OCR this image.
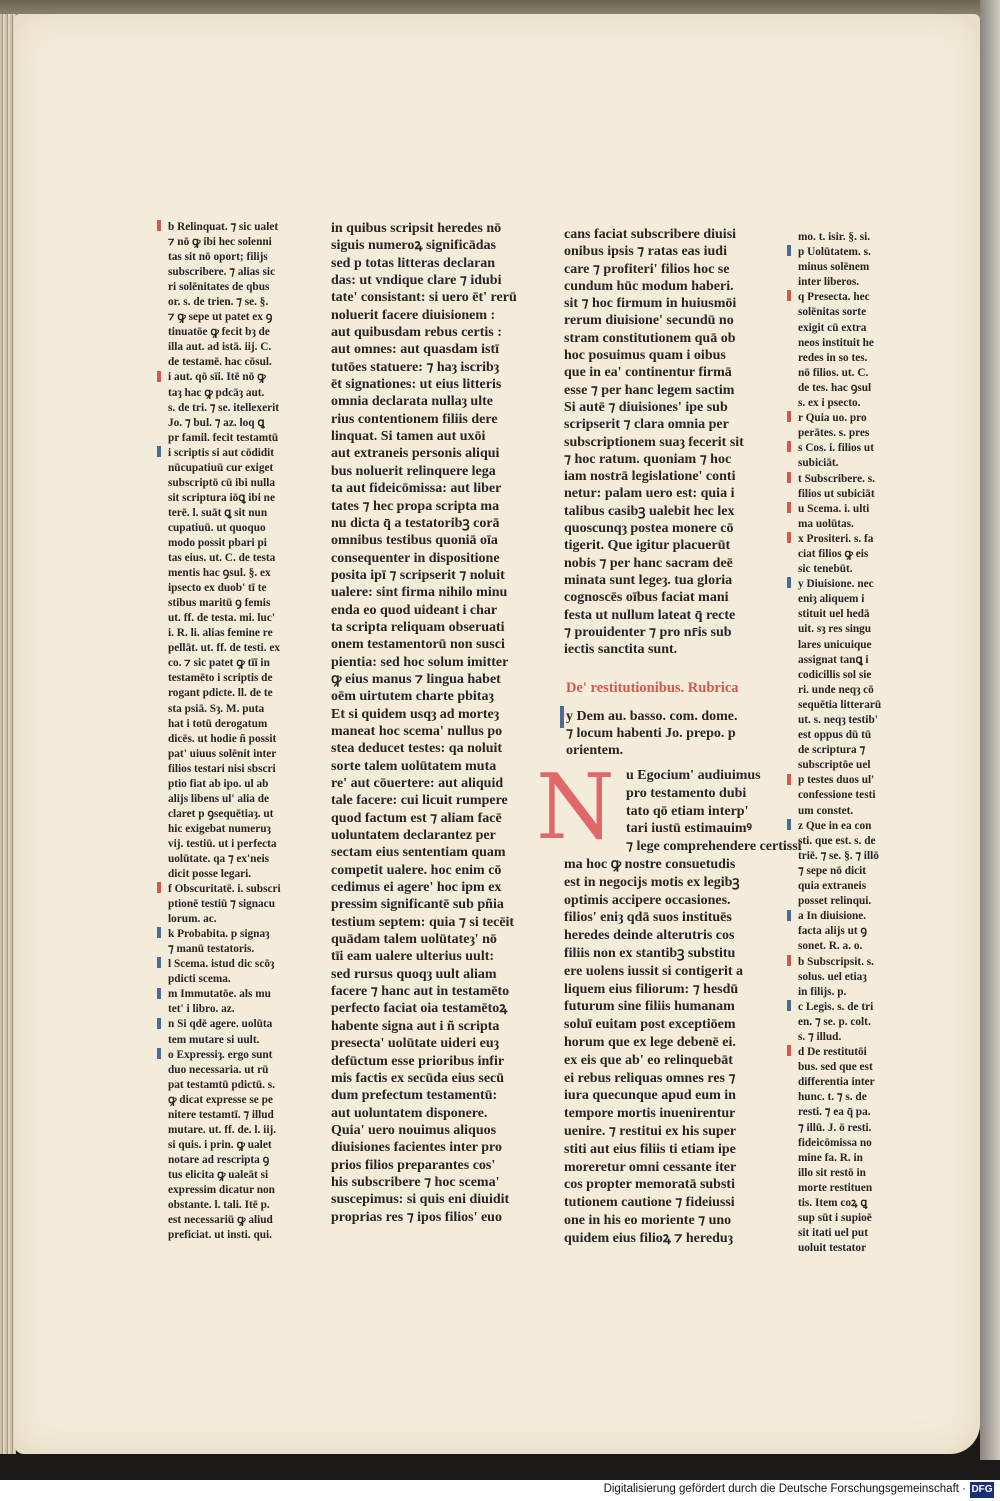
b Relinquat. ⁊ sic ualet
⁊ nō ꝙ ibi hec solenni
tas sit nō oport; filijs
subscribere. ⁊ alias sic
ri solēnitates de qbus
or. s. de trien. ⁊ se. §.
⁊ ꝙ sepe ut patet ex ꝯ
tinuatōe ꝙ fecit bȝ de
illa aut. ad istā. iij. C.
de testamē. hac cōsul.
i aut. qō sīi. Itē nō ꝙ
taȝ hac ꝙ pdcāȝ aut.
s. de tri. ⁊ se. itellexerit
Jo. ⁊ bul. ⁊ az. loq ꝗ
pr famil. fecit testamtū
i scriptis si aut cōdidit
nūcupatiuū cur exiget
subscriptō cū ibi nulla
sit scriptura iōꝗ ibi ne
terē. l. suāt ꝗ sit nun
cupatiuū. ut quoquo
modo possit pbari pi
tas eius. ut. C. de testa
mentis hac ꝯsul. §. ex
ipsecto ex duob' tī te
stibus maritū ꝯ femis
ut. ff. de testa. mi. luc'
i. R. li. alias femine re
pellāt. ut. ff. de testi. ex
co. ⁊ sic patet ꝙ tīī in
testamēto i scriptis de
rogant pdicte. ll. de te
sta psiā. Sȝ. M. puta
hat i totū derogatum
dicēs. ut hodie ñ possit
pat' uiuus solēnit inter
filios testari nisi sbscri
ptio fiat ab ipo. ul ab
alijs libens ul' alia de
claret p ꝯsequētiaȝ. ut
hic exigebat numeruȝ
vij. testiū. ut i perfecta
uolūtate. qa ⁊ ex'neis
dicit posse legari.
f Obscuritatē. i. subscri
ptionē testiū ⁊ signacu
lorum. ac.
k Probabita. p signaȝ
⁊ manū testatoris.
l Scema. istud dic scōȝ
pdicti scema.
m Immutatōe. als mu
tet' i libro. az.
n Si qdē agere. uolūta
tem mutare si uult.
o Expressiȝ. ergo sunt
duo necessaria. ut rū
pat testamtū pdictū. s.
ꝙ dicat expresse se pe
nitere testamtī. ⁊ illud
mutare. ut. ff. de. l. iij.
si quis. i prin. ꝙ ualet
notare ad rescripta ꝯ
tus elicita ꝙ ualeāt si
expressim dicatur non
obstante. l. tali. Itē p.
est necessariū ꝙ aliud
preficiat. ut insti. qui.
in quibus scripsit heredes nō
siguis numeroꝝ significādas
sed p totas litteras declaran
das: ut vndique clare ⁊ idubi
tate' consistant: si uero ēt' rerū
noluerit facere diuisionem :
aut quibusdam rebus certis :
aut omnes: aut quasdam istī
tutōes statuere: ⁊ haȝ iscribȝ
ēt signationes: ut eius litteris
omnia declarata nullaȝ ulte
rius contentionem filiis dere
linquat. Si tamen aut uxōi
aut extraneis personis aliqui
bus noluerit relinquere lega
ta aut fideicōmissa: aut liber
tates ⁊ hec propa scripta ma
nu dicta q̄ a testatoribꝫ corā
omnibus testibus quoniā oīa
consequenter in dispositione
posita ipī ⁊ scripserit ⁊ noluit
ualere: sint firma nihilo minu
enda eo quod uideant i char
ta scripta reliquam obseruati
onem testamentorū non susci
pientia: sed hoc solum imitter
ꝙ eius manus ⁊ lingua habet
oēm uirtutem charte pbitaȝ
Et si quidem usqȝ ad morteȝ
maneat hoc scema' nullus po
stea deducet testes: qa noluit
sorte talem uolūtatem muta
re' aut cōuertere: aut aliquid
tale facere: cui licuit rumpere
quod factum est ⁊ aliam facē
uoluntatem declarantez per
sectam eius sententiam quam
competit ualere. hoc enim cō
cedimus ei agere' hoc ipm ex
pressim significantē sub pñia
testium septem: quia ⁊ si tecēit
quādam talem uolūtateȝ' nō
tīi eam ualere ulterius uult:
sed rursus quoqȝ uult aliam
facere ⁊ hanc aut in testamēto
perfecto faciat oia testamētoꝝ
habente signa aut i ñ scripta
presecta' uolūtate uideri euȝ
defūctum esse prioribus infir
mis factis ex secūda eius secū
dum prefectum testamentū:
aut uoluntatem disponere.
Quia' uero nouimus aliquos
diuisiones facientes inter pro
prios filios preparantes cos'
his subscribere ⁊ hoc scema'
suscepimus: si quis eni diuidit
proprias res ⁊ ipos filios' euo
cans faciat subscribere diuisi
onibus ipsis ⁊ ratas eas iudi
care ⁊ profiteri' filios hoc se
cundum hūc modum haberi.
sit ⁊ hoc firmum in huiusmōi
rerum diuisione' secundū no
stram constitutionem quā ob
hoc posuimus quam i oibus
que in ea' continentur firmā
esse ⁊ per hanc legem sactim
Si autē ⁊ diuisiones' ipe sub
scripserit ⁊ clara omnia per
subscriptionem suaȝ fecerit sit
⁊ hoc ratum. quoniam ⁊ hoc
iam nostrā legislatione' conti
netur: palam uero est: quia i
talibus casibꝫ ualebit hec lex
quoscunqȝ postea monere cō
tigerit. Que igitur placuerūt
nobis ⁊ per hanc sacram deē
minata sunt legeȝ. tua gloria
cognoscēs oībus faciat mani
festa ut nullum lateat q̄ recte
⁊ prouidenter ⁊ pro nr̄is sub
iectis sanctita sunt.
De' restitutionibus. Rubrica
y Dem au. basso. com. dome.
⁊ locum habenti Jo. prepo. p
orientem.
N u Egocium' audiuimus
pro testamento dubi
tato qō etiam interp'
tari iustū estimauimꝰ
⁊ lege comprehendere certissi
ma hoc ꝙ nostre consuetudis
est in negocijs motis ex legibꝫ
optimis accipere occasiones.
filios' eniȝ qdā suos instituēs
heredes deinde alterutris cos
filiis non ex stantibꝫ substitu
ere uolens iussit si contigerit a
liquem eius filiorum: ⁊ hesdū
futurum sine filiis humanam
soluī euitam post exceptiōem
horum que ex lege debenē ei.
ex eis que ab' eo relinquebāt
ei rebus reliquas omnes res ⁊
iura quecunque apud eum in
tempore mortis inuenirentur
uenire. ⁊ restitui ex his super
stiti aut eius filiis ti etiam ipe
moreretur omni cessante iter
cos propter memoratā substi
tutionem cautione ⁊ fideiussi
one in his eo moriente ⁊ uno
quidem eius filioꝝ ⁊ hereduȝ
mo. t. isir. §. si.
p Uolūtatem. s.
minus solēnem
inter liberos.
q Presecta. hec
solēnitas sorte
exigit cū extra
neos instituit he
redes in so tes.
nō filios. ut. C.
de tes. hac ꝯsul
s. ex i psecto.
r Quia uo. pro
perātes. s. pres
s Cos. i. filios ut
subiciāt.
t Subscribere. s.
filios ut subiciāt
u Scema. i. ulti
ma uolūtas.
x Prositeri. s. fa
ciat filios ꝙ eis
sic tenebūt.
y Diuisione. nec
eniȝ aliquem i
stituit uel hedā
uit. sȝ res singu
lares unicuique
assignat tanꝗ i
codicillis sol sie
ri. unde neqȝ cō
sequētia litterarū
ut. s. neqȝ testib'
est oppus dū tū
de scriptura ⁊
subscriptōe uel
p testes duos ul'
confessione testi
um constet.
z Que in ea con
sti. que est. s. de
triē. ⁊ se. §. ⁊ illō
⁊ sepe nō dicit
quia extraneis
posset relinqui.
a In diuisione.
facta alijs ut ꝯ
sonet. R. a. o.
b Subscripsit. s.
solus. uel etiaȝ
in filijs. p.
c Legis. s. de tri
en. ⁊ se. p. colt.
s. ⁊ illud.
d De restitutōi
bus. sed que est
differentia inter
hunc. t. ⁊ s. de
resti. ⁊ ea q̄ pa.
⁊ illū. J. ō resti.
fideicōmissa no
mine fa. R. in
illo sit restō in
morte restituen
tis. Item coꝝ ꝗ
sup sūt i supioē
sit itati uel put
uoluit testator
Digitalisierung gefördert durch die Deutsche Forschungsgemeinschaft · DFG
